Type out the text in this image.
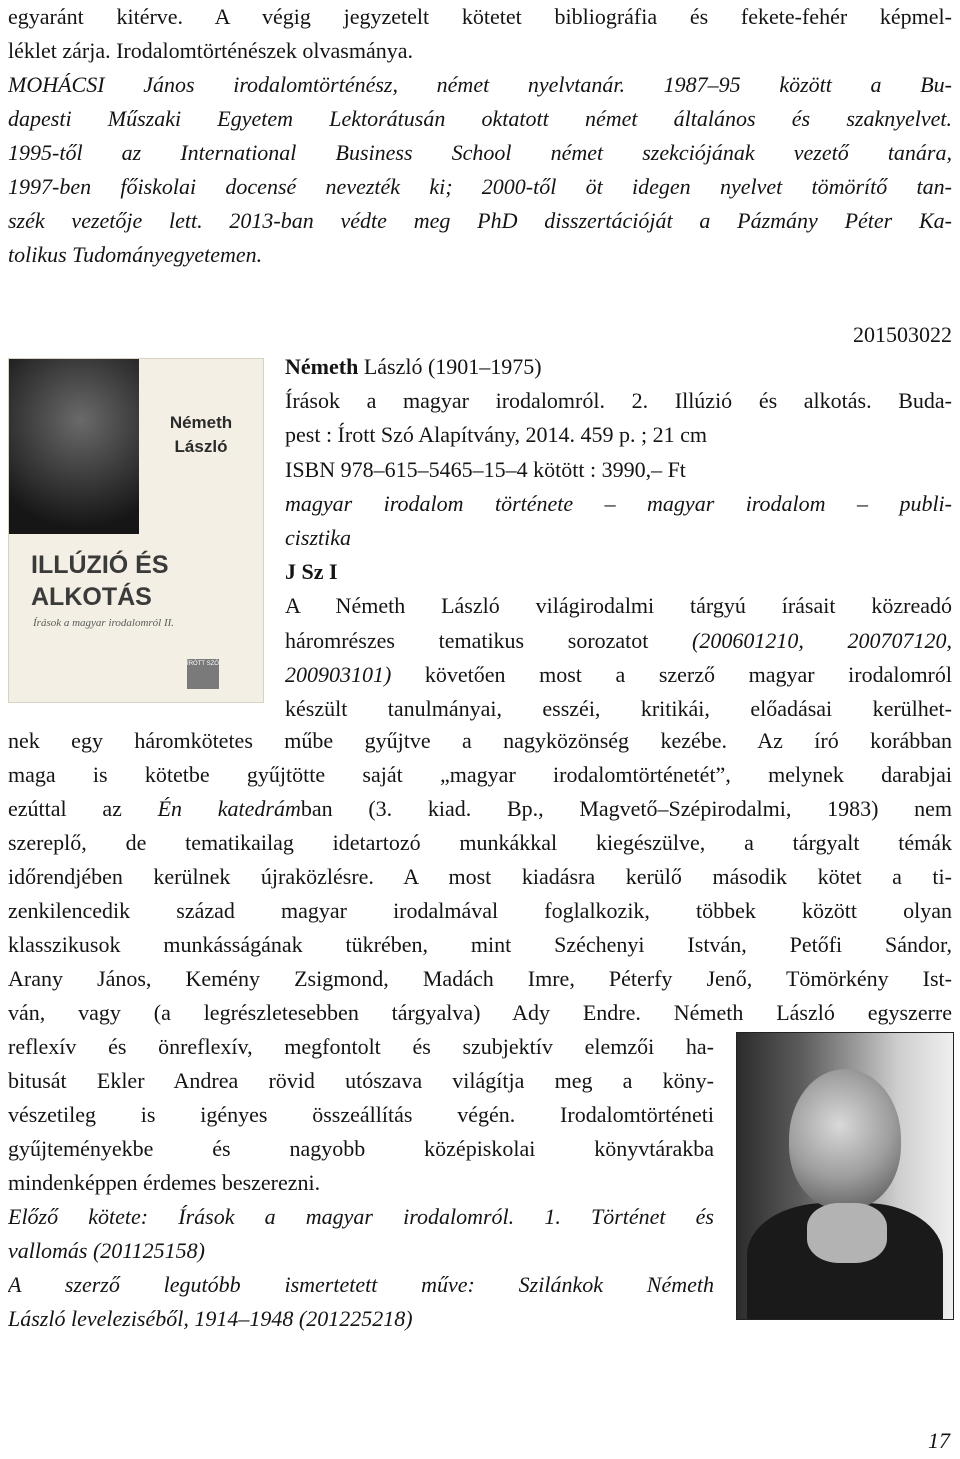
egyaránt kitérve. A végig jegyzetelt kötetet bibliográfia és fekete-fehér képmel-
léklet zárja. Irodalomtörténészek olvasmánya.
MOHÁCSI János irodalomtörténész, német nyelvtanár. 1987–95 között a Bu-
dapesti Műszaki Egyetem Lektorátusán oktatott német általános és szaknyelvet.
1995-től az International Business School német szekciójának vezető tanára,
1997-ben főiskolai docensé nevezték ki; 2000-től öt idegen nyelvet tömörítő tan-
szék vezetője lett. 2013-ban védte meg PhD disszertációját a Pázmány Péter Ka-
tolikus Tudományegyetemen.
201503022
Németh László
ILLÚZIÓ ÉS ALKOTÁS
Írások a magyar irodalomról II.
ÍRÓTT SZÓ
Németh László (1901–1975)
Írások a magyar irodalomról. 2. Illúzió és alkotás. Buda-
pest : Írott Szó Alapítvány, 2014. 459 p. ; 21 cm
ISBN 978–615–5465–15–4 kötött : 3990,– Ft
magyar irodalom története – magyar irodalom – publi-
cisztika
J Sz I
A Németh László világirodalmi tárgyú írásait közreadó
háromrészes tematikus sorozatot (200601210, 200707120,
200903101) követően most a szerző magyar irodalomról
készült tanulmányai, esszéi, kritikái, előadásai kerülhet-
nek egy háromkötetes műbe gyűjtve a nagyközönség kezébe. Az író korábban
maga is kötetbe gyűjtötte saját „magyar irodalomtörténetét”, melynek darabjai
ezúttal az Én katedrámban (3. kiad. Bp., Magvető–Szépirodalmi, 1983) nem
szereplő, de tematikailag idetartozó munkákkal kiegészülve, a tárgyalt témák
időrendjében kerülnek újraközlésre. A most kiadásra kerülő második kötet a ti-
zenkilencedik század magyar irodalmával foglalkozik, többek között olyan
klasszikusok munkásságának tükrében, mint Széchenyi István, Petőfi Sándor,
Arany János, Kemény Zsigmond, Madách Imre, Péterfy Jenő, Tömörkény Ist-
ván, vagy (a legrészletesebben tárgyalva) Ady Endre. Németh László egyszerre
reflexív és önreflexív, megfontolt és szubjektív elemzői ha-
bitusát Ekler Andrea rövid utószava világítja meg a köny-
vészetileg is igényes összeállítás végén. Irodalomtörténeti
gyűjteményekbe és nagyobb középiskolai könyvtárakba
mindenképpen érdemes beszerezni.
Előző kötete: Írások a magyar irodalomról. 1. Történet és
vallomás (201125158)
A szerző legutóbb ismertetett műve: Szilánkok Németh
László leveleziséből, 1914–1948 (201225218)
17
